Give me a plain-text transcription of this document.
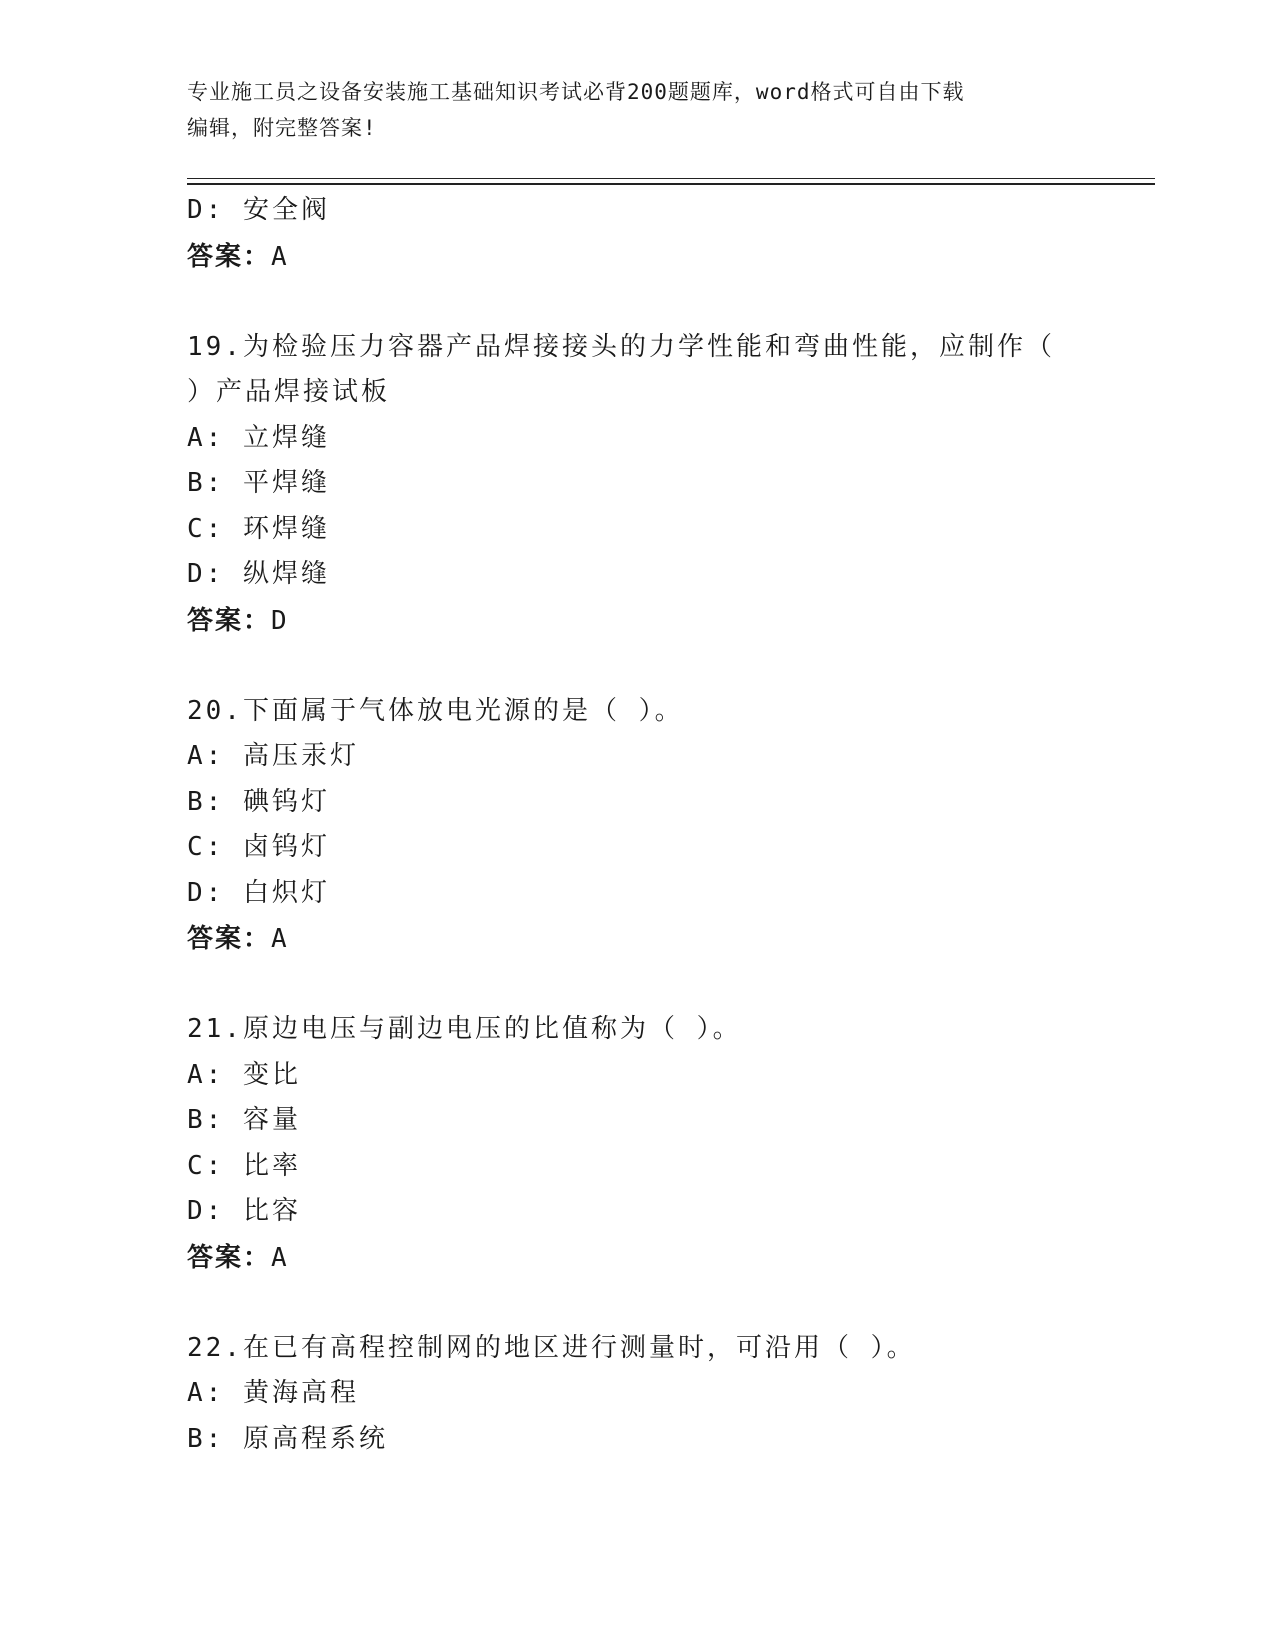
专业施工员之设备安装施工基础知识考试必背200题题库，word格式可自由下载
编辑，附完整答案!
D: 安全阀
答案：A
19.为检验压力容器产品焊接接头的力学性能和弯曲性能，应制作（
）产品焊接试板
A: 立焊缝
B: 平焊缝
C: 环焊缝
D: 纵焊缝
答案：D
20.下面属于气体放电光源的是（ ）。
A: 高压汞灯
B: 碘钨灯
C: 卤钨灯
D: 白炽灯
答案：A
21.原边电压与副边电压的比值称为（ ）。
A: 变比
B: 容量
C: 比率
D: 比容
答案：A
22.在已有高程控制网的地区进行测量时，可沿用（ ）。
A: 黄海高程
B: 原高程系统
